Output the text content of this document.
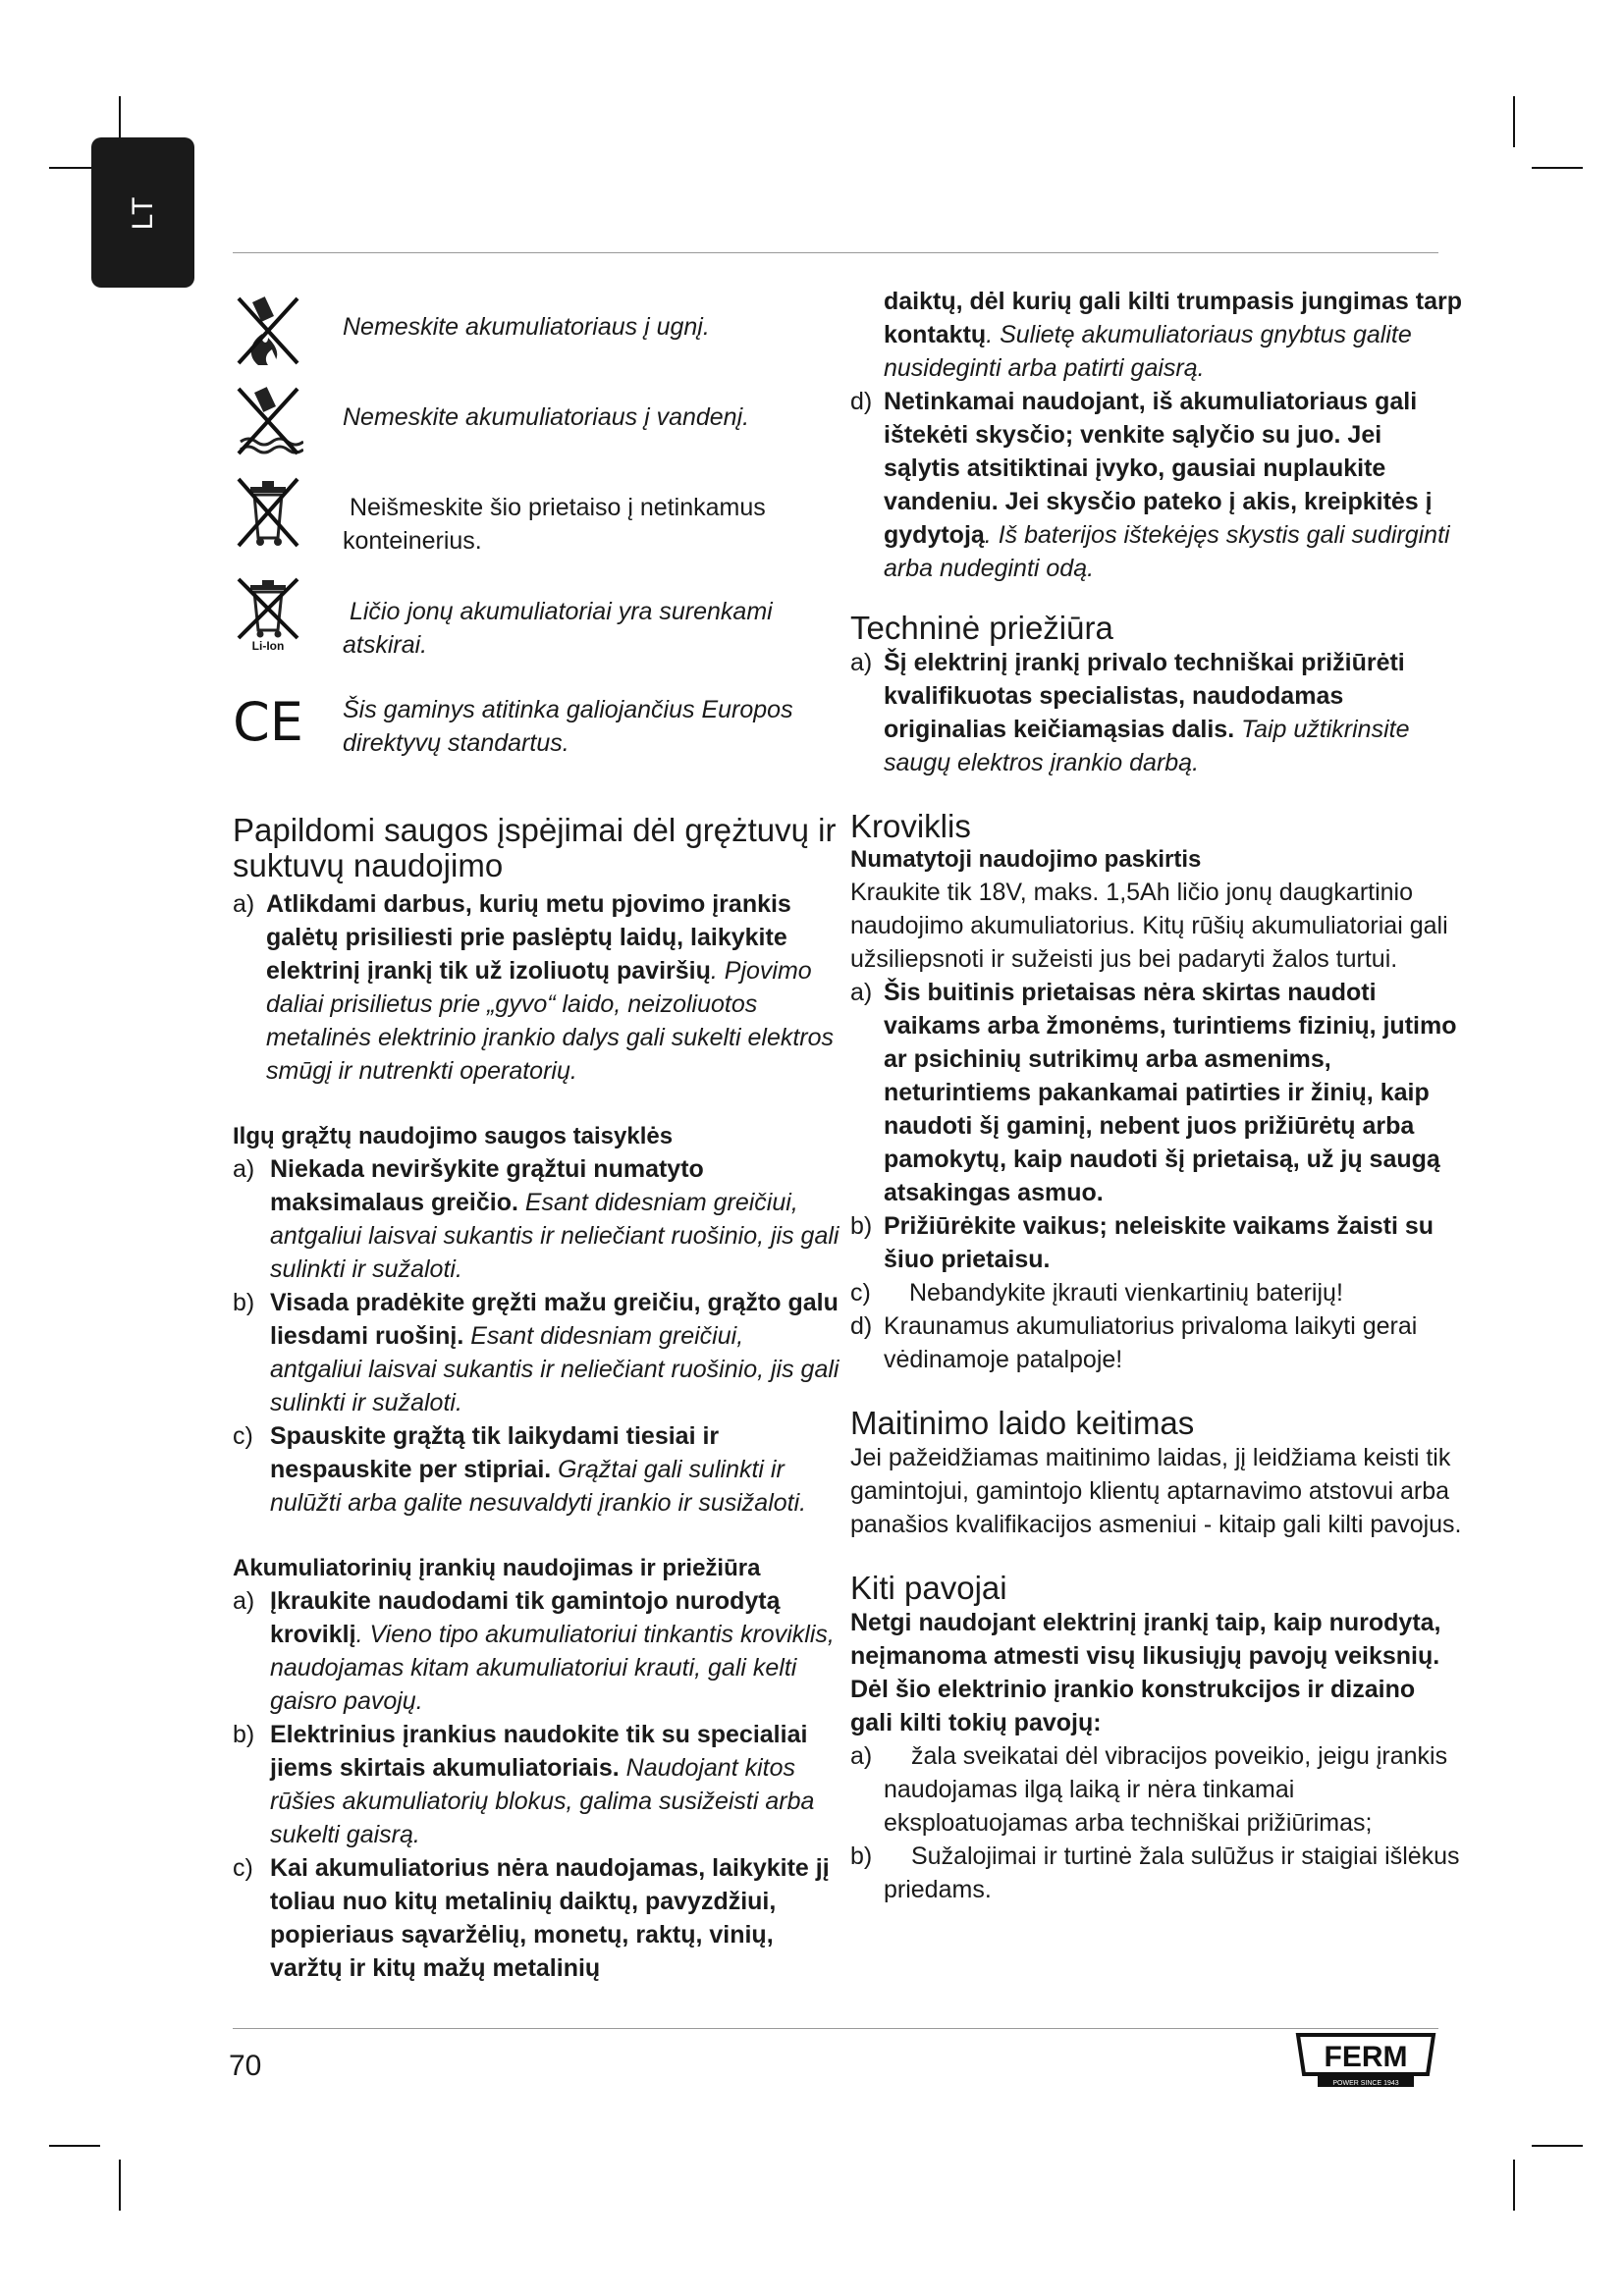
LT

Nemeskite akumuliatoriaus į ugnį.

Nemeskite akumuliatoriaus į vandenį.

Neišmeskite šio prietaiso į netinkamus konteinerius.

Li-Ion

Ličio jonų akumuliatoriai yra surenkami atskirai.

CE Šis gaminys atitinka galiojančius Europos direktyvų standartus.

Papildomi saugos įspėjimai dėl grężtuvų ir suktuvų naudojimo

a) Atlikdami darbus, kurių metu pjovimo įrankis galėtų prisiliesti prie paslėptų laidų, laikykite elektrinį įrankį tik už izoliuotų paviršių. Pjovimo daliai prisilietus prie „gyvo“ laido, neizoliuotos metalinės elektrinio įrankio dalys gali sukelti elektros smūgį ir nutrenkti operatorių.

Ilgų grąžtų naudojimo saugos taisyklės

a) Niekada neviršykite grąžtui numatyto maksimalaus greičio. Esant didesniam greičiui, antgaliui laisvai sukantis ir neliečiant ruošinio, jis gali sulinkti ir sužaloti.

b) Visada pradėkite gręžti mažu greičiu, grąžto galu liesdami ruošinį. Esant didesniam greičiui, antgaliui laisvai sukantis ir neliečiant ruošinio, jis gali sulinkti ir sužaloti.

c) Spauskite grąžtą tik laikydami tiesiai ir nespauskite per stipriai. Grąžtai gali sulinkti ir nulūžti arba galite nesuvaldyti įrankio ir susižaloti.

Akumuliatorinių įrankių naudojimas ir priežiūra

a) Įkraukite naudodami tik gamintojo nurodytą kroviklį. Vieno tipo akumuliatoriui tinkantis kroviklis, naudojamas kitam akumuliatoriui krauti, gali kelti gaisro pavojų.

b) Elektrinius įrankius naudokite tik su specialiai jiems skirtais akumuliatoriais. Naudojant kitos rūšies akumuliatorių blokus, galima susižeisti arba sukelti gaisrą.

c) Kai akumuliatorius nėra naudojamas, laikykite jį toliau nuo kitų metalinių daiktų, pavyzdžiui, popieriaus sąvaržėlių, monetų, raktų, vinių, varžtų ir kitų mažų metalinių

daiktų, dėl kurių gali kilti trumpasis jungimas tarp kontaktų. Sulietę akumuliatoriaus gnybtus galite nusideginti arba patirti gaisrą.

d) Netinkamai naudojant, iš akumuliatoriaus gali ištekėti skysčio; venkite sąlyčio su juo. Jei sąlytis atsitiktinai įvyko, gausiai nuplaukite vandeniu. Jei skysčio pateko į akis, kreipkitės į gydytoją. Iš baterijos ištekėjęs skystis gali sudirginti arba nudeginti odą.

Techninė priežiūra

a) Šį elektrinį įrankį privalo techniškai prižiūrėti kvalifikuotas specialistas, naudodamas originalias keičiamąsias dalis. Taip užtikrinsite saugų elektros įrankio darbą.

Kroviklis
Numatytoji naudojimo paskirtis

Kraukite tik 18V, maks. 1,5Ah ličio jonų daugkartinio naudojimo akumuliatorius. Kitų rūšių akumuliatoriai gali užsiliepsnoti ir sužeisti jus bei padaryti žalos turtui.

a) Šis buitinis prietaisas nėra skirtas naudoti vaikams arba žmonėms, turintiems fizinių, jutimo ar psichinių sutrikimų arba asmenims, neturintiems pakankamai patirties ir žinių, kaip naudoti šį gaminį, nebent juos prižiūrėtų arba pamokytų, kaip naudoti šį prietaisą, už jų saugą atsakingas asmuo.

b) Prižiūrėkite vaikus; neleiskite vaikams žaisti su šiuo prietaisu.

c) Nebandykite įkrauti vienkartinių baterijų!

d) Kraunamus akumuliatorius privaloma laikyti gerai vėdinamoje patalpoje!

Maitinimo laido keitimas

Jei pažeidžiamas maitinimo laidas, jį leidžiama keisti tik gamintojui, gamintojo klientų aptarnavimo atstovui arba panašios kvalifikacijos asmeniui - kitaip gali kilti pavojus.

Kiti pavojai

Netgi naudojant elektrinį įrankį taip, kaip nurodyta, neįmanoma atmesti visų likusiųjų pavojų veiksnių. Dėl šio elektrinio įrankio konstrukcijos ir dizaino gali kilti tokių pavojų:

a)	žala sveikatai dėl vibracijos poveikio, jeigu įrankis naudojamas ilgą laiką ir nėra tinkamai eksploatuojamas arba techniškai prižiūrimas;

b)	Sužalojimai ir turtinė žala sulūžus ir staigiai išlėkus priedams.

70	FERM
POWER SINCE 1943
